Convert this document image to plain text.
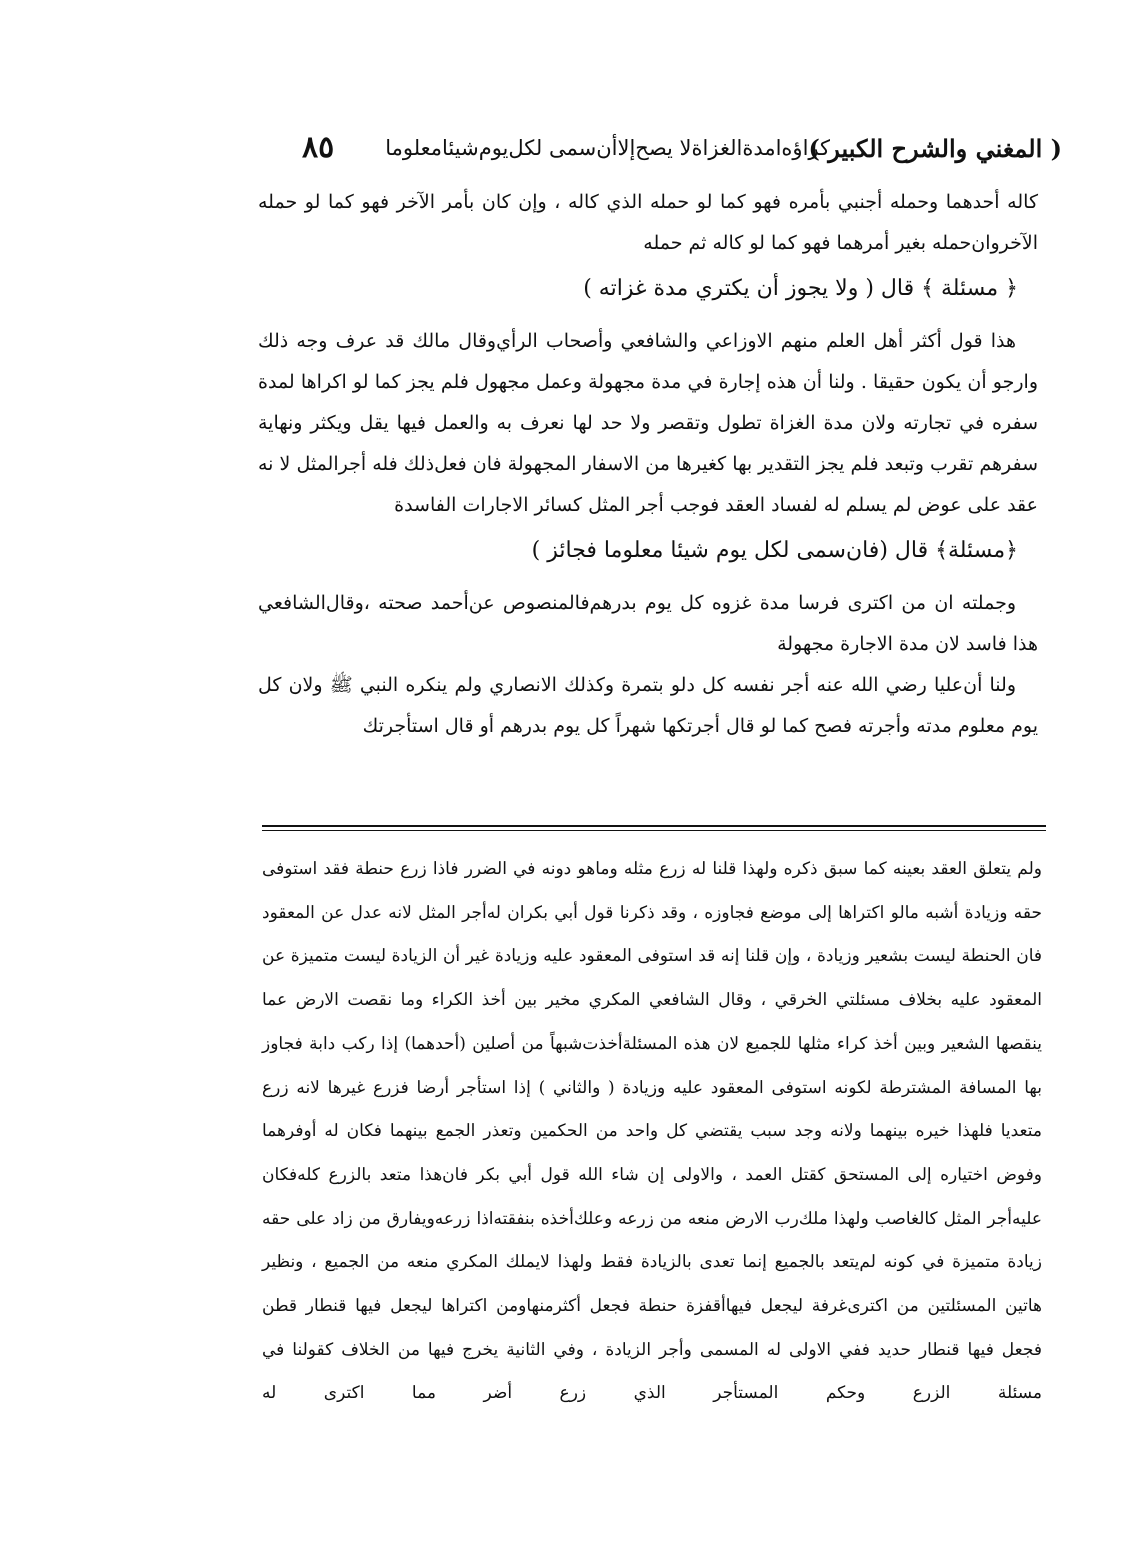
( المغني والشرح الكبير )
كراؤه‌امدة‌الغزاة‌لا يصح‌إلا‌أن‌سمى لكل‌يوم‌شيئا‌معلوما
٨٥

كاله أحدهما وحمله أجنبي بأمره فهو كما لو حمله الذي كاله ، وإن كان بأمر الآخر فهو كما لو حمله الآخروان‌حمله بغير أمرهما فهو كما لو كاله ثم حمله

﴿ مسئلة ﴾ قال ( ولا يجوز أن يكتري مدة غزاته )

هذا قول أكثر أهل العلم منهم الاوزاعي والشافعي وأصحاب الرأي‌وقال مالك قد عرف وجه ذلك وارجو أن يكون حقيقا . ولنا أن هذه إجارة في مدة مجهولة وعمل مجهول فلم يجز كما لو اكراها لمدة سفره في تجارته ولان مدة الغزاة تطول وتقصر ولا حد لها نعرف به والعمل فيها يقل ويكثر ونهاية سفرهم تقرب وتبعد فلم يجز التقدير بها كغيرها من الاسفار المجهولة فان فعل‌ذلك فله أجرالمثل لا نه عقد على عوض لم يسلم له لفساد العقد فوجب أجر المثل كسائر الاجارات الفاسدة

﴿مسئلة﴾ قال (فان‌سمى لكل يوم شيئا معلوما فجائز )

وجملته ان من اكترى فرسا مدة غزوه كل يوم بدرهم‌فالمنصوص عن‌أحمد صحته ،وقال‌الشافعي هذا فاسد لان مدة الاجارة مجهولة

ولنا أن‌عليا رضي الله عنه أجر نفسه كل دلو بتمرة وكذلك الانصاري ولم ينكره النبي ﷺ ولان كل يوم معلوم مدته وأجرته فصح كما لو قال أجرتكها شهراً كل يوم بدرهم أو قال استأجرتك

ولم يتعلق العقد بعينه كما سبق ذكره ولهذا قلنا له زرع مثله وماهو دونه في الضرر فاذا زرع حنطة فقد استوفى حقه وزيادة أشبه مالو اكتراها إلى موضع فجاوزه ، وقد ذكرنا قول أبي بكران له‌أجر المثل لانه عدل عن المعقود فان الحنطة ليست بشعير وزيادة ، وإن قلنا إنه قد استوفى المعقود عليه وزيادة غير أن الزيادة ليست متميزة عن المعقود عليه بخلاف مسئلتي الخرقي ، وقال الشافعي المكري مخير بين أخذ الكراء وما نقصت الارض عما ينقصها الشعير وبين أخذ كراء مثلها للجميع لان هذه المسئلة‌أخذت‌شبهاً من أصلين (أحدهما) إذا ركب دابة فجاوز بها المسافة المشترطة لكونه استوفى المعقود عليه وزيادة ( والثاني ) إذا استأجر أرضا فزرع غيرها لانه زرع متعديا فلهذا خيره بينهما ولانه وجد سبب يقتضي كل واحد من الحكمين وتعذر الجمع بينهما فكان له أوفرهما وفوض اختياره إلى المستحق كقتل العمد ، والاولى إن شاء الله قول أبي بكر فان‌هذا متعد بالزرع كله‌فكان عليه‌أجر المثل كالغاصب ولهذا ملك‌رب الارض منعه من زرعه وعلك‌أخذه بنفقته‌اذا زرعه‌ويفارق من زاد على حقه زيادة متميزة في كونه لم‌يتعد بالجميع إنما تعدى بالزيادة فقط ولهذا لايملك المكري منعه من الجميع ، ونظير هاتين المسئلتين من اكترى‌غرفة ليجعل فيها‌أقفزة حنطة فجعل أكثر‌منها‌ومن اكتراها ليجعل فيها قنطار قطن فجعل فيها قنطار حديد ففي الاولى له المسمى وأجر الزيادة ، وفي الثانية يخرج فيها من الخلاف كقولنا في مسئلة الزرع وحكم المستأجر الذي زرع أضر مما اكترى له
